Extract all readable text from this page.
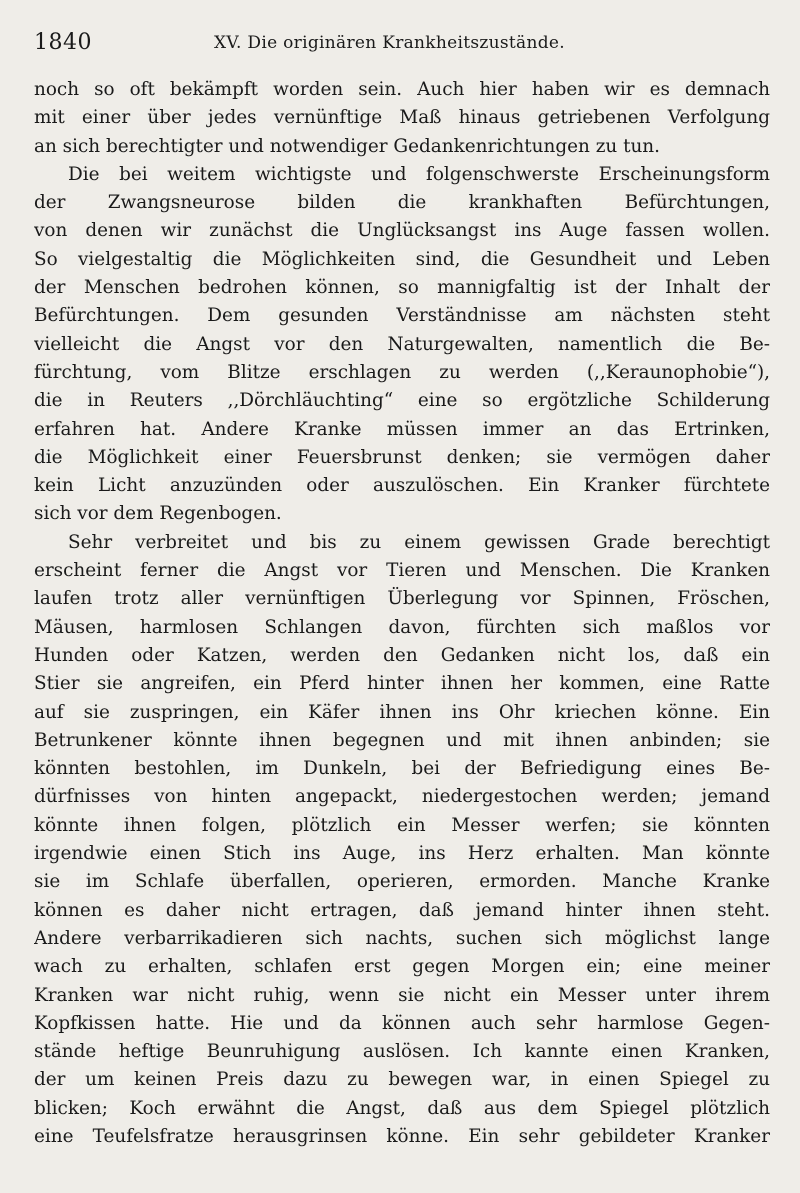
1840	XV. Die originären Krankheitszustände.
noch so oft bekämpft worden sein. Auch hier haben wir es demnach
mit einer über jedes vernünftige Maß hinaus getriebenen Verfolgung
an sich berechtigter und notwendiger Gedankenrichtungen zu tun.
Die bei weitem wichtigste und folgenschwerste Erscheinungsform
der Zwangsneurose bilden die krankhaften Befürchtungen,
von denen wir zunächst die Unglücksangst ins Auge fassen wollen.
So vielgestaltig die Möglichkeiten sind, die Gesundheit und Leben
der Menschen bedrohen können, so mannigfaltig ist der Inhalt der
Befürchtungen. Dem gesunden Verständnisse am nächsten steht
vielleicht die Angst vor den Naturgewalten, namentlich die Be-
fürchtung, vom Blitze erschlagen zu werden (,,Keraunophobie“),
die in Reuters ,,Dörchläuchting“ eine so ergötzliche Schilderung
erfahren hat. Andere Kranke müssen immer an das Ertrinken,
die Möglichkeit einer Feuersbrunst denken; sie vermögen daher
kein Licht anzuzünden oder auszulöschen. Ein Kranker fürchtete
sich vor dem Regenbogen.
Sehr verbreitet und bis zu einem gewissen Grade berechtigt
erscheint ferner die Angst vor Tieren und Menschen. Die Kranken
laufen trotz aller vernünftigen Überlegung vor Spinnen, Fröschen,
Mäusen, harmlosen Schlangen davon, fürchten sich maßlos vor
Hunden oder Katzen, werden den Gedanken nicht los, daß ein
Stier sie angreifen, ein Pferd hinter ihnen her kommen, eine Ratte
auf sie zuspringen, ein Käfer ihnen ins Ohr kriechen könne. Ein
Betrunkener könnte ihnen begegnen und mit ihnen anbinden; sie
könnten bestohlen, im Dunkeln, bei der Befriedigung eines Be-
dürfnisses von hinten angepackt, niedergestochen werden; jemand
könnte ihnen folgen, plötzlich ein Messer werfen; sie könnten
irgendwie einen Stich ins Auge, ins Herz erhalten. Man könnte
sie im Schlafe überfallen, operieren, ermorden. Manche Kranke
können es daher nicht ertragen, daß jemand hinter ihnen steht.
Andere verbarrikadieren sich nachts, suchen sich möglichst lange
wach zu erhalten, schlafen erst gegen Morgen ein; eine meiner
Kranken war nicht ruhig, wenn sie nicht ein Messer unter ihrem
Kopfkissen hatte. Hie und da können auch sehr harmlose Gegen-
stände heftige Beunruhigung auslösen. Ich kannte einen Kranken,
der um keinen Preis dazu zu bewegen war, in einen Spiegel zu
blicken; Koch erwähnt die Angst, daß aus dem Spiegel plötzlich
eine Teufelsfratze herausgrinsen könne. Ein sehr gebildeter Kranker
